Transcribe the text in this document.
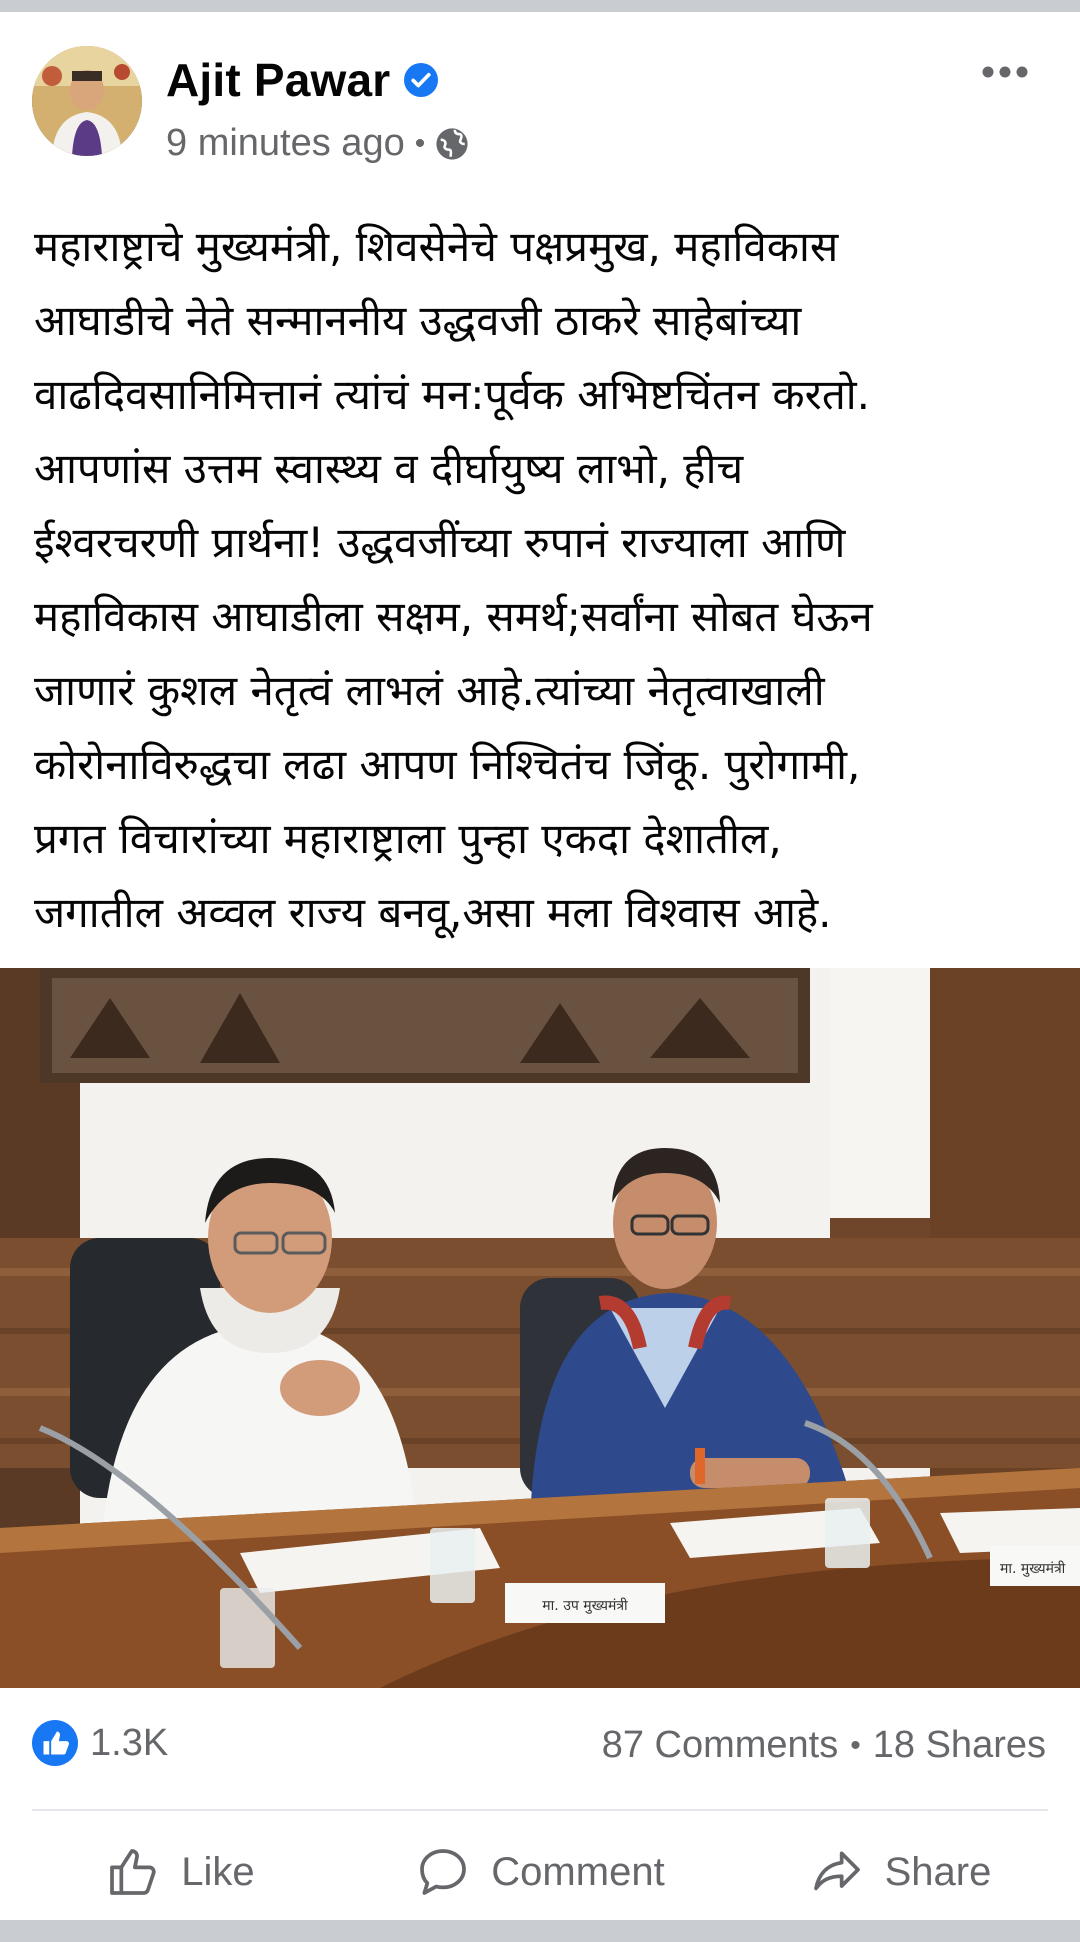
Ajit Pawar
9 minutes ago •
महाराष्ट्राचे मुख्यमंत्री, शिवसेनेचे पक्षप्रमुख, महाविकास
आघाडीचे नेते सन्माननीय उद्धवजी ठाकरे साहेबांच्या
वाढदिवसानिमित्तानं त्यांचं मन:पूर्वक अभिष्टचिंतन करतो.
आपणांस उत्तम स्वास्थ्य व दीर्घायुष्य लाभो, हीच
ईश्वरचरणी प्रार्थना! उद्धवजींच्या रुपानं राज्याला आणि
महाविकास आघाडीला सक्षम, समर्थ;सर्वांना सोबत घेऊन
जाणारं कुशल नेतृत्वं लाभलं आहे.त्यांच्या नेतृत्वाखाली
कोरोनाविरुद्धचा लढा आपण निश्चितंच जिंकू. पुरोगामी,
प्रगत विचारांच्या महाराष्ट्राला पुन्हा एकदा देशातील,
जगातील अव्वल राज्य बनवू,असा मला विश्वास आहे.
मा. उप मुख्यमंत्री
मा. मुख्यमंत्री
1.3K	87 Comments • 18 Shares
Like	Comment	Share
